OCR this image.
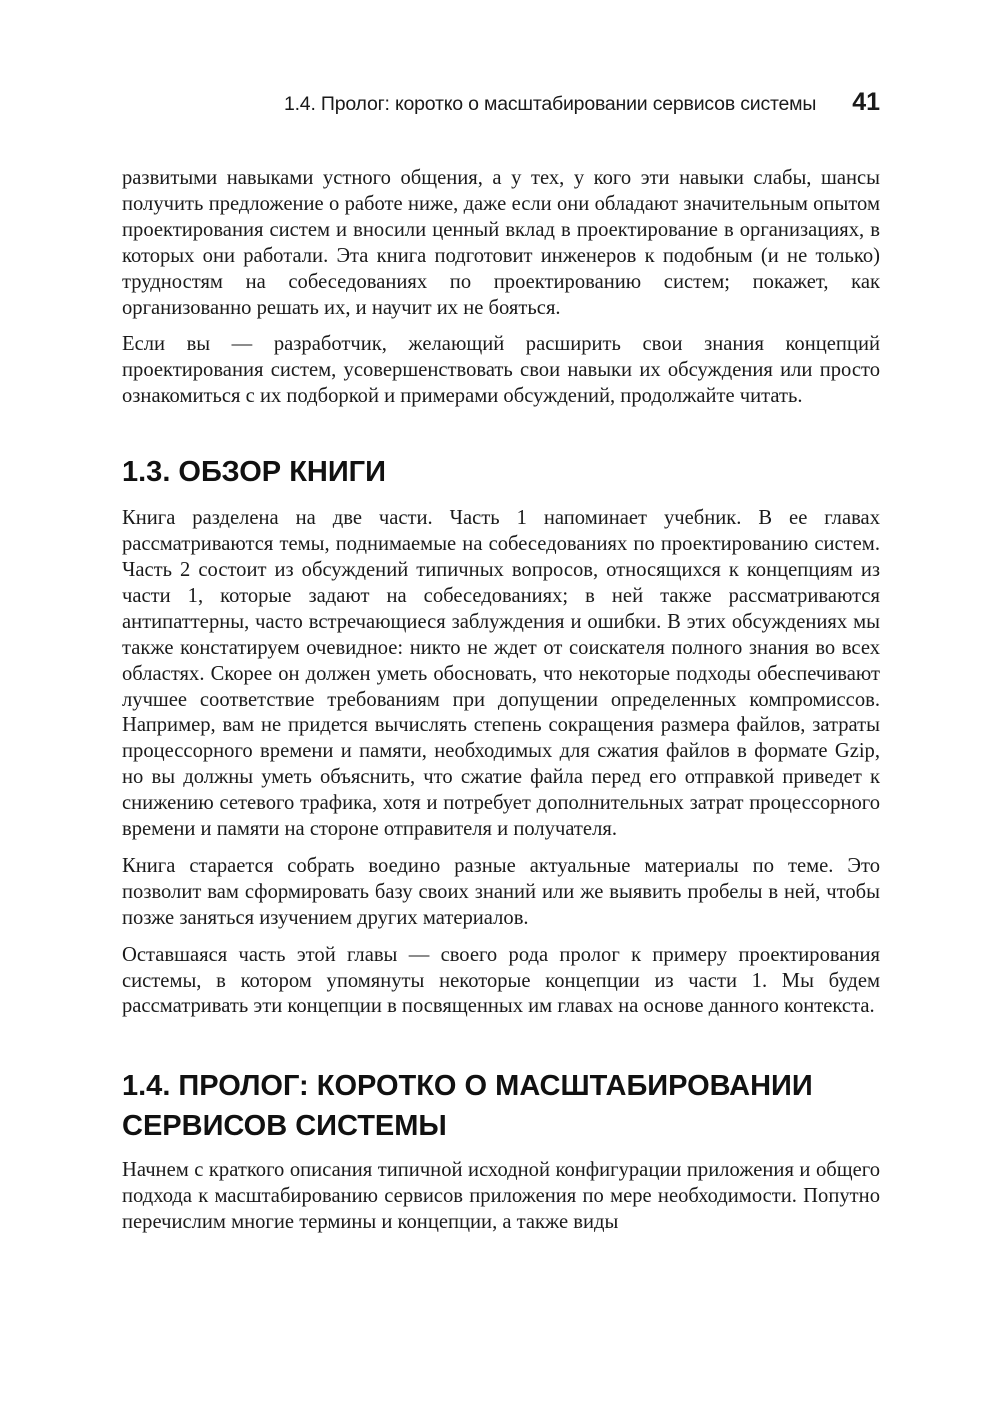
1.4. Пролог: коротко о масштабировании сервисов системы 41

развитыми навыками устного общения, а у тех, у кого эти навыки слабы, шансы получить предложение о работе ниже, даже если они обладают значительным опытом проектирования систем и вносили ценный вклад в проектирование в организациях, в которых они работали. Эта книга подготовит инженеров к подобным (и не только) трудностям на собеседованиях по проектированию систем; покажет, как организованно решать их, и научит их не бояться.

Если вы — разработчик, желающий расширить свои знания концепций проектирования систем, усовершенствовать свои навыки их обсуждения или просто ознакомиться с их подборкой и примерами обсуждений, продолжайте читать.

1.3. ОБЗОР КНИГИ

Книга разделена на две части. Часть 1 напоминает учебник. В ее главах рассматриваются темы, поднимаемые на собеседованиях по проектированию систем. Часть 2 состоит из обсуждений типичных вопросов, относящихся к концепциям из части 1, которые задают на собеседованиях; в ней также рассматриваются антипаттерны, часто встречающиеся заблуждения и ошибки. В этих обсуждениях мы также констатируем очевидное: никто не ждет от соискателя полного знания во всех областях. Скорее он должен уметь обосновать, что некоторые подходы обеспечивают лучшее соответствие требованиям при допущении определенных компромиссов. Например, вам не придется вычислять степень сокращения размера файлов, затраты процессорного времени и памяти, необходимых для сжатия файлов в формате Gzip, но вы должны уметь объяснить, что сжатие файла перед его отправкой приведет к снижению сетевого трафика, хотя и потребует дополнительных затрат процессорного времени и памяти на стороне отправителя и получателя.

Книга старается собрать воедино разные актуальные материалы по теме. Это позволит вам сформировать базу своих знаний или же выявить пробелы в ней, чтобы позже заняться изучением других материалов.

Оставшаяся часть этой главы — своего рода пролог к примеру проектирования системы, в котором упомянуты некоторые концепции из части 1. Мы будем рассматривать эти концепции в посвященных им главах на основе данного контекста.

1.4. ПРОЛОГ: КОРОТКО О МАСШТАБИРОВАНИИ СЕРВИСОВ СИСТЕМЫ

Начнем с краткого описания типичной исходной конфигурации приложения и общего подхода к масштабированию сервисов приложения по мере необходимости. Попутно перечислим многие термины и концепции, а также виды
